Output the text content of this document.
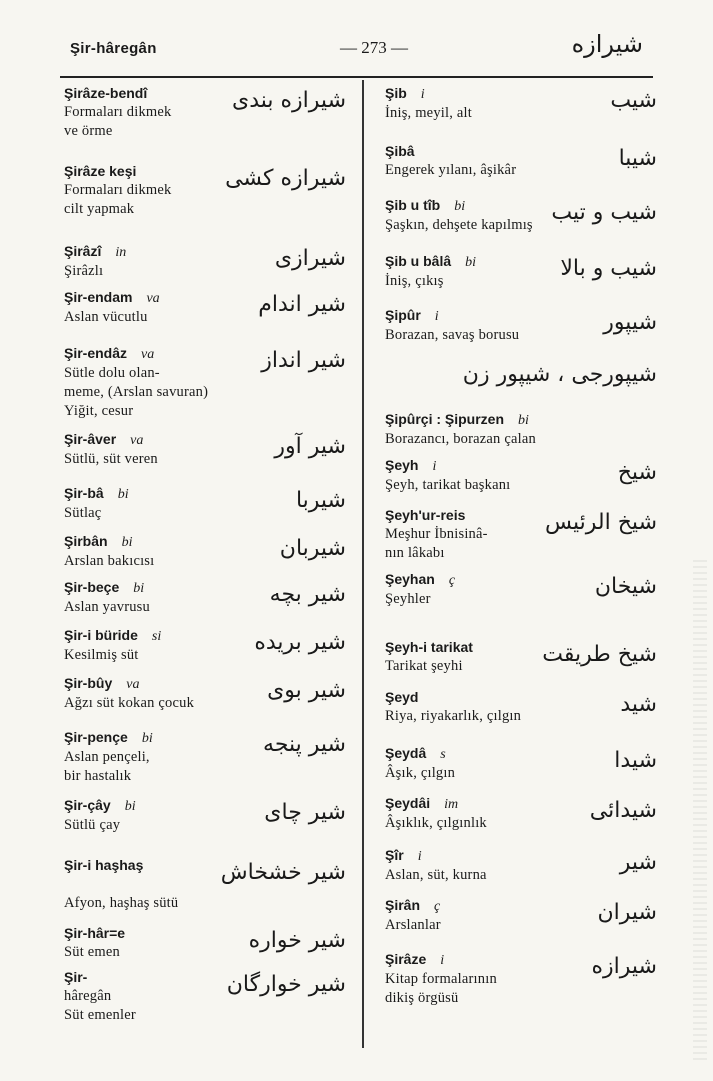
Şir-hâregân	— 273 —	شيرازه
Şirâze-bendî
Formaları dikmek
ve örme
شيرازه بندى
Şirâze keşi
Formaları dikmek
cilt yapmak
شيرازه كشى
Şirâzî in
Şirâzlı	شيرازى
Şir-endam va
Aslan vücutlu	شير اندام
Şir-endâz va
Sütle dolu olan-
meme, (Arslan savuran)
Yiğit, cesur
شير انداز
Şir-âver va
Sütlü, süt veren	شير آور
Şir-bâ bi
Sütlaç	شيربا
Şirbân bi
Arslan bakıcısı	شيربان
Şir-beçe bi
Aslan yavrusu	شير بچه
Şir-i büride si
Kesilmiş süt	شير بريده
Şir-bûy va
Ağzı süt kokan çocuk	شير بوى
Şir-pençe bi
Aslan pençeli,
bir hastalık
شير پنجه
Şir-çây bi
Sütlü çay	شير چاى
Şir-i haşhaş

Afyon, haşhaş sütü
شير خشخاش
Şir-hâr=e
Süt emen	شير خواره
Şir-
hâregân
Süt emenler
شير خوارگان
Şib i
İniş, meyil, alt	شيب
Şibâ
Engerek yılanı, âşikâr	شيبا
Şib u tîb bi
Şaşkın, dehşete kapılmış شيب و تيب
Şib u bâlâ bi
İniş, çıkış	شيب و بالا
Şipûr i
Borazan, savaş borusu	شيپور

شيپورجى ، شيپور زن
Şipûrçi : Şipurzen bi
Borazancı, borazan çalan
Şeyh i
Şeyh, tarikat başkanı	شيخ
Şeyh'ur-reis
Meşhur İbnisinâ-
nın lâkabı
شيخ الرئيس
Şeyhan ç
Şeyhler	شيخان
Şeyh-i tarikat
Tarikat şeyhi	شيخ طريقت
Şeyd
Riya, riyakarlık, çılgın	شيد
Şeydâ s
Âşık, çılgın	شيدا
Şeydâi im
Âşıklık, çılgınlık	شيدائى
Şîr i
Aslan, süt, kurna	شير
Şirân ç
Arslanlar	شيران
Şirâze i
Kitap formalarının
dikiş örgüsü
شيرازه
